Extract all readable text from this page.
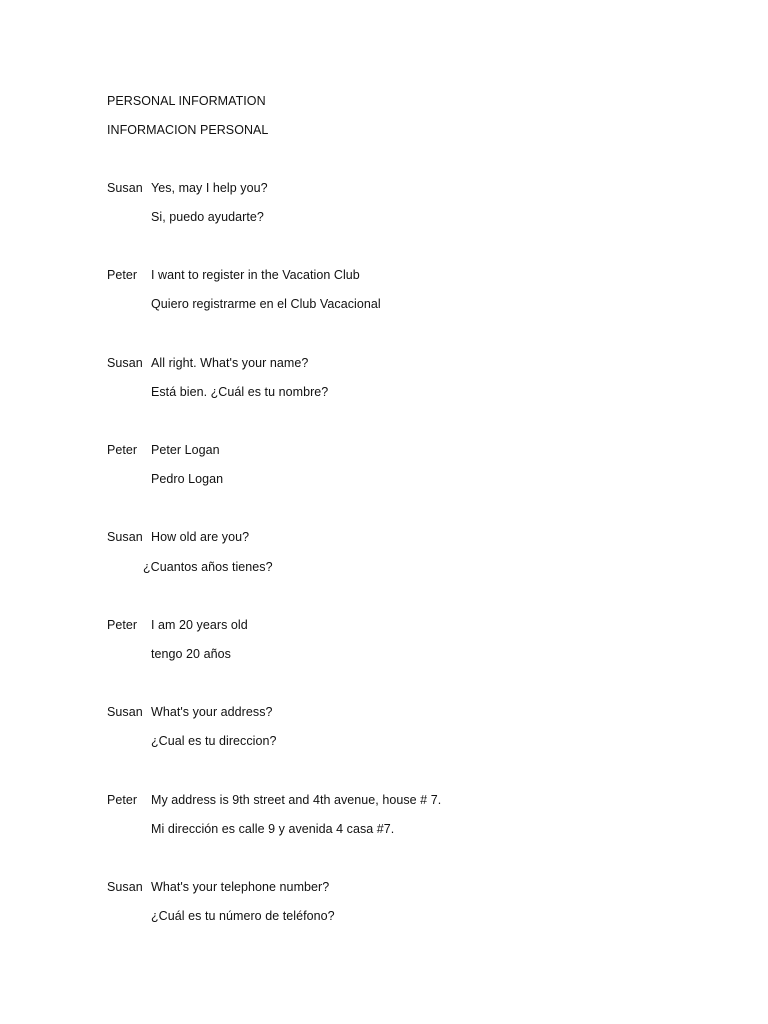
PERSONAL INFORMATION
INFORMACION PERSONAL
Susan Yes, may I help you?
Si, puedo ayudarte?
Peter I want to register in the Vacation Club
Quiero registrarme en el Club Vacacional
Susan All right. What's your name?
Está bien. ¿Cuál es tu nombre?
Peter Peter Logan
Pedro Logan
Susan How old are you?
¿Cuantos años tienes?
Peter I am 20 years old
tengo 20 años
Susan What's your address?
¿Cual es tu direccion?
Peter My address is 9th street and 4th avenue, house # 7.
Mi dirección es calle 9 y avenida 4 casa #7.
Susan What's your telephone number?
¿Cuál es tu número de teléfono?
